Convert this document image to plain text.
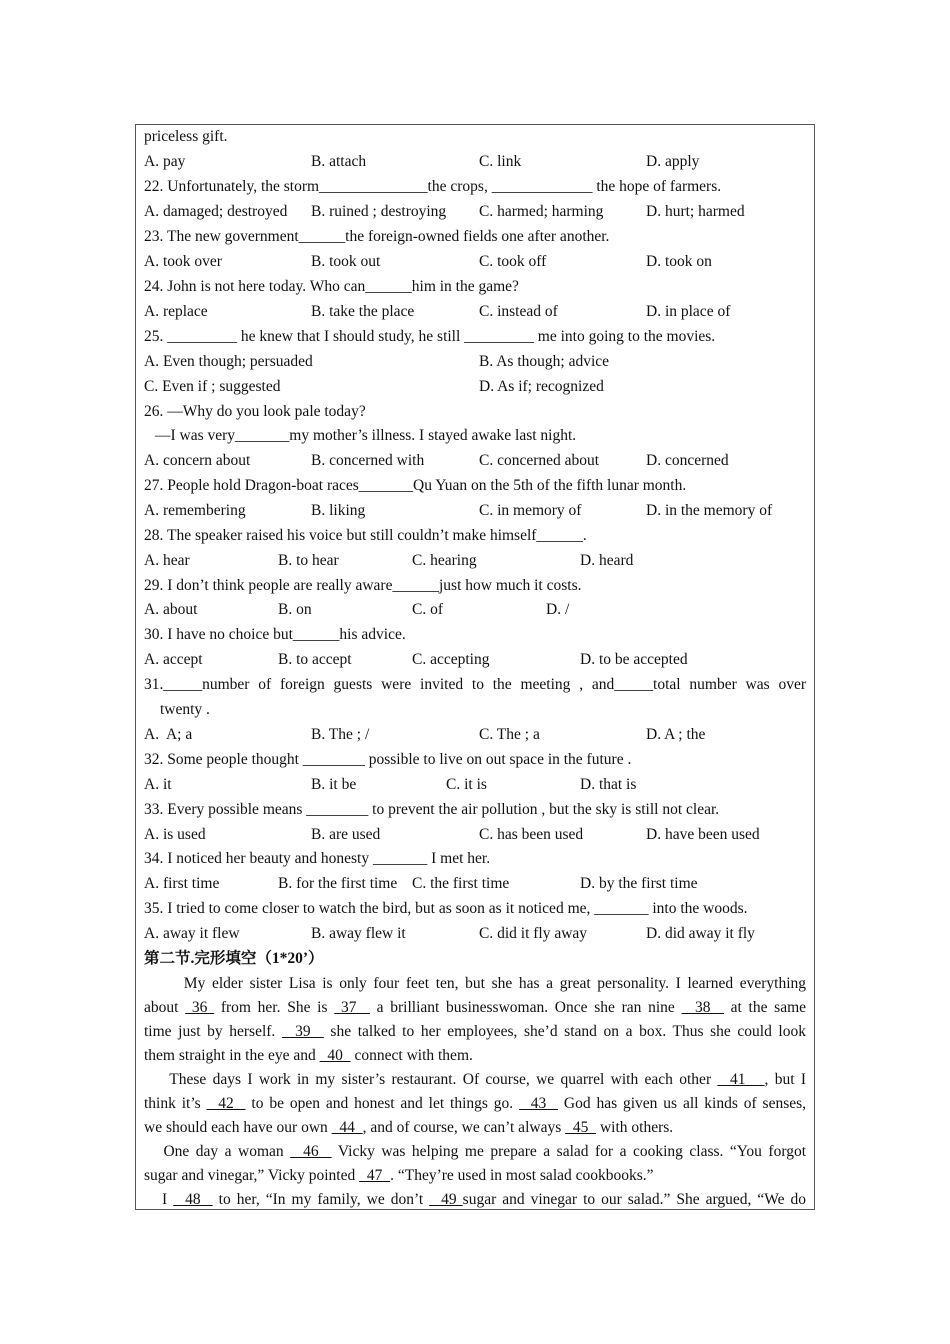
priceless gift.
A. pay	B. attach	C. link	D. apply
22. Unfortunately, the storm______________the crops, _____________ the hope of farmers.
A. damaged; destroyed B. ruined ; destroying C. harmed; harming	D. hurt; harmed
23. The new government______the foreign-owned fields one after another.
A. took over	B. took out	C. took off	D. took on
24. John is not here today. Who can______him in the game?
A. replace	B. take the place	C. instead of	D. in place of
25. _________ he knew that I should study, he still _________ me into going to the movies.
A. Even though; persuaded	B. As though; advice
C. Even if ; suggested	D. As if; recognized
26. —Why do you look pale today?
—I was very_______my mother’s illness. I stayed awake last night.
A. concern about	B. concerned with	C. concerned about	D. concerned
27. People hold Dragon-boat races_______Qu Yuan on the 5th of the fifth lunar month.
A. remembering	B. liking	C. in memory of	D. in the memory of
28. The speaker raised his voice but still couldn’t make himself______.
A. hear	B. to hear	C. hearing	D. heard
29. I don’t think people are really aware______just how much it costs.
A. about	B. on	C. of	D. /
30. I have no choice but______his advice.
A. accept	B. to accept	C. accepting	D. to be accepted
31._____number of foreign guests were invited to the meeting , and_____total number was over
twenty .
A.  A; a	B. The ; /	C. The ; a	D. A ; the
32. Some people thought ________ possible to live on out space in the future .
A. it	B. it be	C. it is	D. that is
33. Every possible means ________ to prevent the air pollution , but the sky is still not clear.
A. is used	B. are used	C. has been used	D. have been used
34. I noticed her beauty and honesty _______ I met her.
A. first time	B. for the first time C. the first time	D. by the first time
35. I tried to come closer to watch the bird, but as soon as it noticed me, _______ into the woods.
A. away it flew	B. away flew it	C. did it fly away	D. did away it fly
第二节.完形填空（1*20’）
My elder sister Lisa is only four feet ten, but she has a great personality. I learned everything
about  36  from her. She is  37   a brilliant businesswoman. Once she ran nine   38   at the same
time just by herself.   39   she talked to her employees, she’d stand on a box. Thus she could look
them straight in the eye and   40   connect with them.
These days I work in my sister’s restaurant. Of course, we quarrel with each other   41   , but I
think it’s   42   to be open and honest and let things go.   43   God has given us all kinds of senses,
we should each have our own   44  , and of course, we can’t always   45   with others.
One day a woman   46   Vicky was helping me prepare a salad for a cooking class. “You forgot
sugar and vinegar,” Vicky pointed   47  . “They’re used in most salad cookbooks.”
I   48   to her, “In my family, we don’t   49 sugar and vinegar to our salad.” She argued, “We do
